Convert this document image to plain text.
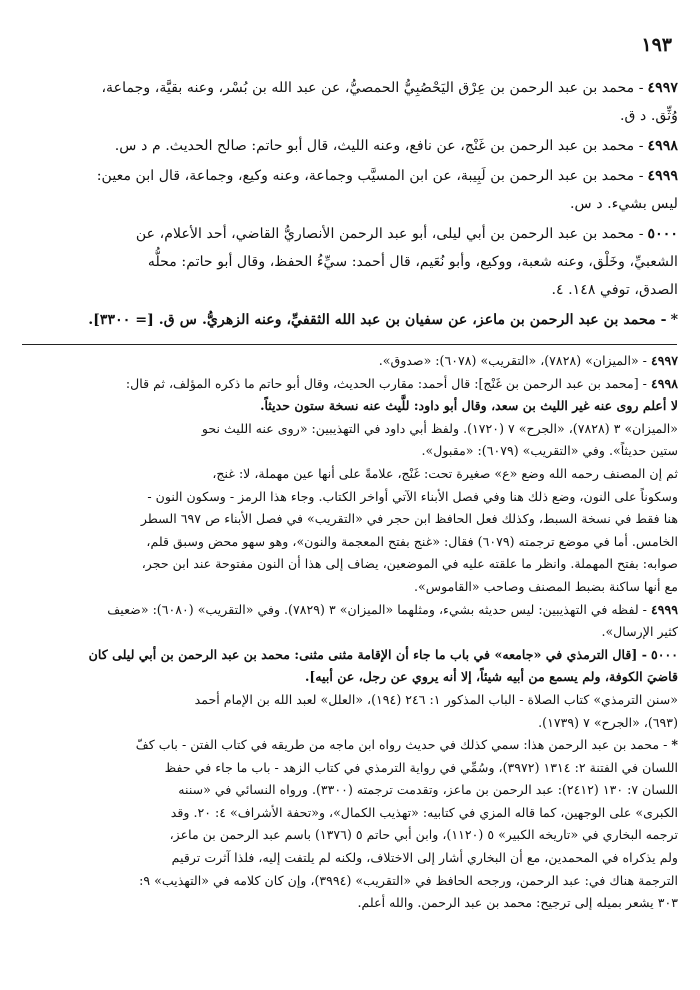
١٩٣
٤٩٩٧- محمد بن عبد الرحمن بن عِرْق اليَحْصُبِيُّ الحمصيُّ، عن عبد الله بن بُسْر، وعنه بقيَّة، وجماعة،
وُثِّق. د ق.
٤٩٩٨- محمد بن عبد الرحمن بن غَنْج، عن نافع، وعنه الليث، قال أبو حاتم: صالح الحديث. م د س.
٤٩٩٩- محمد بن عبد الرحمن بن لَبِيبة، عن ابن المسيَّب وجماعة، وعنه وكيع، وجماعة، قال ابن معين:
ليس بشيء. د س.
٥٠٠٠- محمد بن عبد الرحمن بن أبي ليلى، أبو عبد الرحمن الأنصاريُّ القاضي، أحد الأعلام، عن
الشعبيِّ، وخَلْق، وعنه شعبة، ووكيع، وأبو نُعَيم، قال أحمد: سيِّءُ الحفظ، وقال أبو حاتم: محلُّه
الصدق، توفي ١٤٨. ٤.
*- محمد بن عبد الرحمن بن ماعز، عن سفيان بن عبد الله الثقفيِّ، وعنه الزهريُّ. س ق. [= ٣٣٠٠].
٤٩٩٧- «الميزان» (٧٨٢٨)، «التقريب» (٦٠٧٨): «صدوق».
٤٩٩٨- [محمد بن عبد الرحمن بن غَنْج]: قال أحمد: مقارب الحديث، وقال أبو حاتم ما ذكره المؤلف، ثم قال:
لا أعلم روى عنه غير الليث بن سعد، وقال أبو داود: للَّيث عنه نسخة ستون حديثاً.
«الميزان» ٣ (٧٨٢٨)، «الجرح» ٧ (١٧٢٠). ولفظ أبي داود في التهذيبين: «روى عنه الليث نحو
ستين حديثاً». وفي «التقريب» (٦٠٧٩): «مقبول».
ثم إن المصنف رحمه الله وضع «ع» صغيرة تحت: غَنْج، علامةً على أنها عين مهملة، لا: غنج،
وسكوناً على النون، وضع ذلك هنا وفي فصل الأبناء الآتي أواخر الكتاب. وجاء هذا الرمز - وسكون النون -
هنا فقط في نسخة السبط، وكذلك فعل الحافظ ابن حجر في «التقريب» في فصل الأبناء ص ٦٩٧ السطر
الخامس. أما في موضع ترجمته (٦٠٧٩) فقال: «غنج بفتح المعجمة والنون»، وهو سهو محض وسبق قلم،
صوابه: بفتح المهملة. وانظر ما علقته عليه في الموضعين، يضاف إلى هذا أن النون مفتوحة عند ابن حجر،
مع أنها ساكنة بضبط المصنف وصاحب «القاموس».
٤٩٩٩- لفظه في التهذيبين: ليس حديثه بشيء، ومثلهما «الميزان» ٣ (٧٨٢٩). وفي «التقريب» (٦٠٨٠): «ضعيف
كثير الإرسال».
٥٠٠٠- [قال الترمذي في «جامعه» في باب ما جاء أن الإقامة مثنى مثنى: محمد بن عبد الرحمن بن أبي ليلى كان
قاضيَ الكوفة، ولم يسمع من أبيه شيئاً، إلا أنه يروي عن رجل، عن أبيه].
«سنن الترمذي» كتاب الصلاة - الباب المذكور ١: ٢٤٦ (١٩٤)، «العلل» لعبد الله بن الإمام أحمد
(٦٩٣)، «الجرح» ٧ (١٧٣٩).
*- محمد بن عبد الرحمن هذا: سمي كذلك في حديث رواه ابن ماجه من طريقه في كتاب الفتن - باب كفّ
اللسان في الفتنة ٢: ١٣١٤ (٣٩٧٢)، وسُمِّي في رواية الترمذي في كتاب الزهد - باب ما جاء في حفظ
اللسان ٧: ١٣٠ (٢٤١٢): عبد الرحمن بن ماعز، وتقدمت ترجمته (٣٣٠٠). ورواه النسائي في «سننه
الكبرى» على الوجهين، كما قاله المزي في كتابيه: «تهذيب الكمال»، و«تحفة الأشراف» ٤: ٢٠. وقد
ترجمه البخاري في «تاريخه الكبير» ٥ (١١٢٠)، وابن أبي حاتم ٥ (١٣٧٦) باسم عبد الرحمن بن ماعز،
ولم يذكراه في المحمدين، مع أن البخاري أشار إلى الاختلاف، ولكنه لم يلتفت إليه، فلذا آثرت ترقيم
الترجمة هناك في: عبد الرحمن، ورجحه الحافظ في «التقريب» (٣٩٩٤)، وإن كان كلامه في «التهذيب» ٩:
٣٠٣ يشعر بميله إلى ترجيح: محمد بن عبد الرحمن. والله أعلم.
